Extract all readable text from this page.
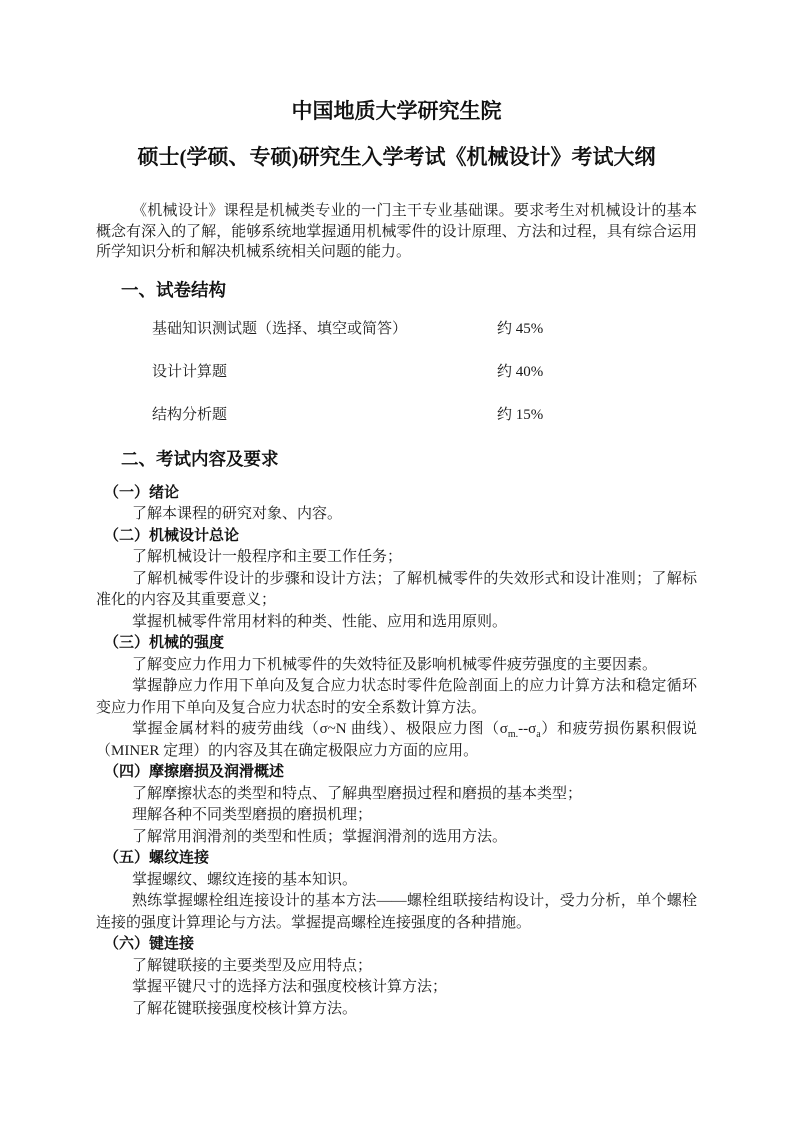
中国地质大学研究生院
硕士(学硕、专硕)研究生入学考试《机械设计》考试大纲

《机械设计》课程是机械类专业的一门主干专业基础课。要求考生对机械设计的基本概念有深入的了解，能够系统地掌握通用机械零件的设计原理、方法和过程，具有综合运用所学知识分析和解决机械系统相关问题的能力。

一、试卷结构
基础知识测试题（选择、填空或简答）	约 45%
设计计算题	约 40%
结构分析题	约 15%
二、考试内容及要求
（一）绪论

了解本课程的研究对象、内容。

（二）机械设计总论

了解机械设计一般程序和主要工作任务；

了解机械零件设计的步骤和设计方法；了解机械零件的失效形式和设计准则；了解标准化的内容及其重要意义；

掌握机械零件常用材料的种类、性能、应用和选用原则。

（三）机械的强度

了解变应力作用力下机械零件的失效特征及影响机械零件疲劳强度的主要因素。

掌握静应力作用下单向及复合应力状态时零件危险剖面上的应力计算方法和稳定循环变应力作用下单向及复合应力状态时的安全系数计算方法。

掌握金属材料的疲劳曲线（σ~N 曲线）、极限应力图$(\sigma_{m.}--\sigma_a)$和疲劳损伤累积假说（MINER 定理）的内容及其在确定极限应力方面的应用。

（四）摩擦磨损及润滑概述

了解摩擦状态的类型和特点、了解典型磨损过程和磨损的基本类型；

理解各种不同类型磨损的磨损机理；

了解常用润滑剂的类型和性质；掌握润滑剂的选用方法。

（五）螺纹连接

掌握螺纹、螺纹连接的基本知识。

熟练掌握螺栓组连接设计的基本方法——螺栓组联接结构设计，受力分析，单个螺栓连接的强度计算理论与方法。掌握提高螺栓连接强度的各种措施。

（六）键连接

了解键联接的主要类型及应用特点；

掌握平键尺寸的选择方法和强度校核计算方法；

了解花键联接强度校核计算方法。
